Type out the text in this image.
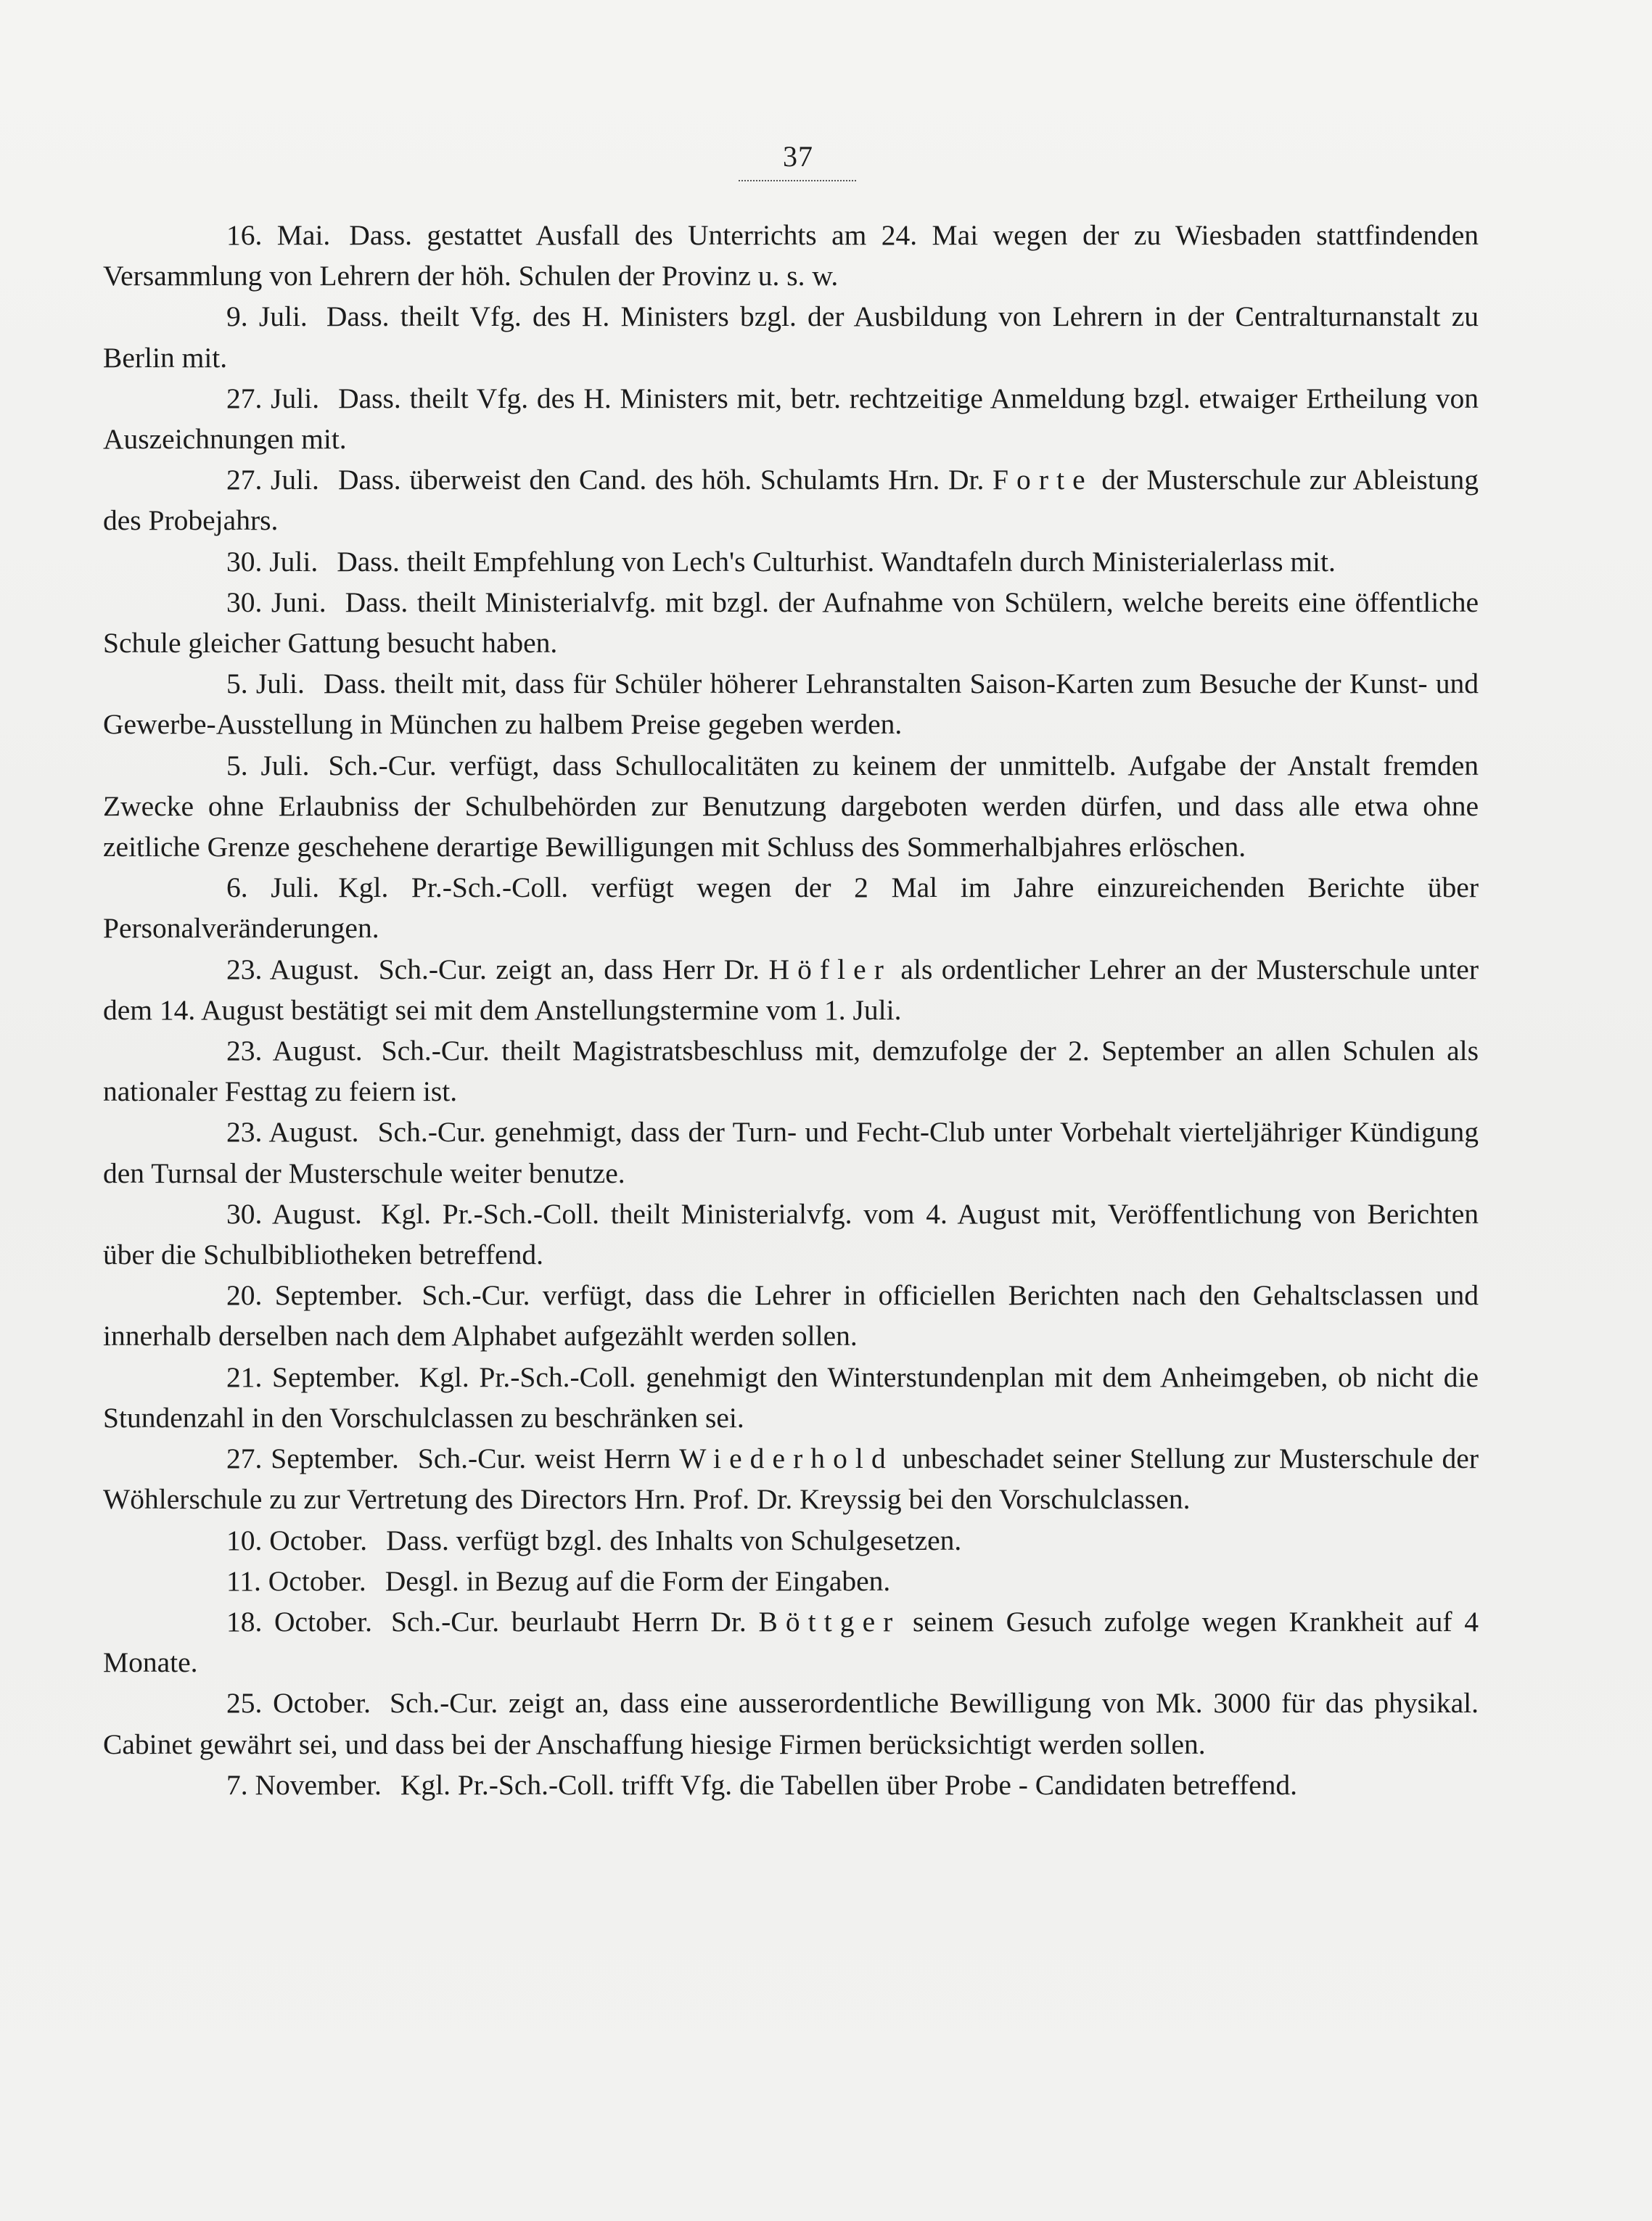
37

16. Mai. Dass. gestattet Ausfall des Unterrichts am 24. Mai wegen der zu Wiesbaden stattfindenden Versammlung von Lehrern der höh. Schulen der Provinz u. s. w.

9. Juli. Dass. theilt Vfg. des H. Ministers bzgl. der Ausbildung von Lehrern in der Centralturnanstalt zu Berlin mit.

27. Juli. Dass. theilt Vfg. des H. Ministers mit, betr. rechtzeitige Anmeldung bzgl. etwaiger Ertheilung von Auszeichnungen mit.

27. Juli. Dass. überweist den Cand. des höh. Schulamts Hrn. Dr. Forte der Musterschule zur Ableistung des Probejahrs.

30. Juli. Dass. theilt Empfehlung von Lech's Culturhist. Wandtafeln durch Ministerialerlass mit.

30. Juni. Dass. theilt Ministerialvfg. mit bzgl. der Aufnahme von Schülern, welche bereits eine öffentliche Schule gleicher Gattung besucht haben.

5. Juli. Dass. theilt mit, dass für Schüler höherer Lehranstalten Saison-Karten zum Besuche der Kunst- und Gewerbe-Ausstellung in München zu halbem Preise gegeben werden.

5. Juli. Sch.-Cur. verfügt, dass Schullocalitäten zu keinem der unmittelb. Aufgabe der Anstalt fremden Zwecke ohne Erlaubniss der Schulbehörden zur Benutzung dargeboten werden dürfen, und dass alle etwa ohne zeitliche Grenze geschehene derartige Bewilligungen mit Schluss des Sommerhalbjahres erlöschen.

6. Juli. Kgl. Pr.-Sch.-Coll. verfügt wegen der 2 Mal im Jahre einzureichenden Berichte über Personalveränderungen.

23. August. Sch.-Cur. zeigt an, dass Herr Dr. Höfler als ordentlicher Lehrer an der Musterschule unter dem 14. August bestätigt sei mit dem Anstellungstermine vom 1. Juli.

23. August. Sch.-Cur. theilt Magistratsbeschluss mit, demzufolge der 2. September an allen Schulen als nationaler Festtag zu feiern ist.

23. August. Sch.-Cur. genehmigt, dass der Turn- und Fecht-Club unter Vorbehalt vierteljähriger Kündigung den Turnsal der Musterschule weiter benutze.

30. August. Kgl. Pr.-Sch.-Coll. theilt Ministerialvfg. vom 4. August mit, Veröffentlichung von Berichten über die Schulbibliotheken betreffend.

20. September. Sch.-Cur. verfügt, dass die Lehrer in officiellen Berichten nach den Gehaltsclassen und innerhalb derselben nach dem Alphabet aufgezählt werden sollen.

21. September. Kgl. Pr.-Sch.-Coll. genehmigt den Winterstundenplan mit dem Anheimgeben, ob nicht die Stundenzahl in den Vorschulclassen zu beschränken sei.

27. September. Sch.-Cur. weist Herrn Wiederhold unbeschadet seiner Stellung zur Musterschule der Wöhlerschule zu zur Vertretung des Directors Hrn. Prof. Dr. Kreyssig bei den Vorschulclassen.

10. October. Dass. verfügt bzgl. des Inhalts von Schulgesetzen.

11. October. Desgl. in Bezug auf die Form der Eingaben.

18. October. Sch.-Cur. beurlaubt Herrn Dr. Böttger seinem Gesuch zufolge wegen Krankheit auf 4 Monate.

25. October. Sch.-Cur. zeigt an, dass eine ausserordentliche Bewilligung von Mk. 3000 für das physikal. Cabinet gewährt sei, und dass bei der Anschaffung hiesige Firmen berücksichtigt werden sollen.

7. November. Kgl. Pr.-Sch.-Coll. trifft Vfg. die Tabellen über Probe - Candidaten betreffend.
